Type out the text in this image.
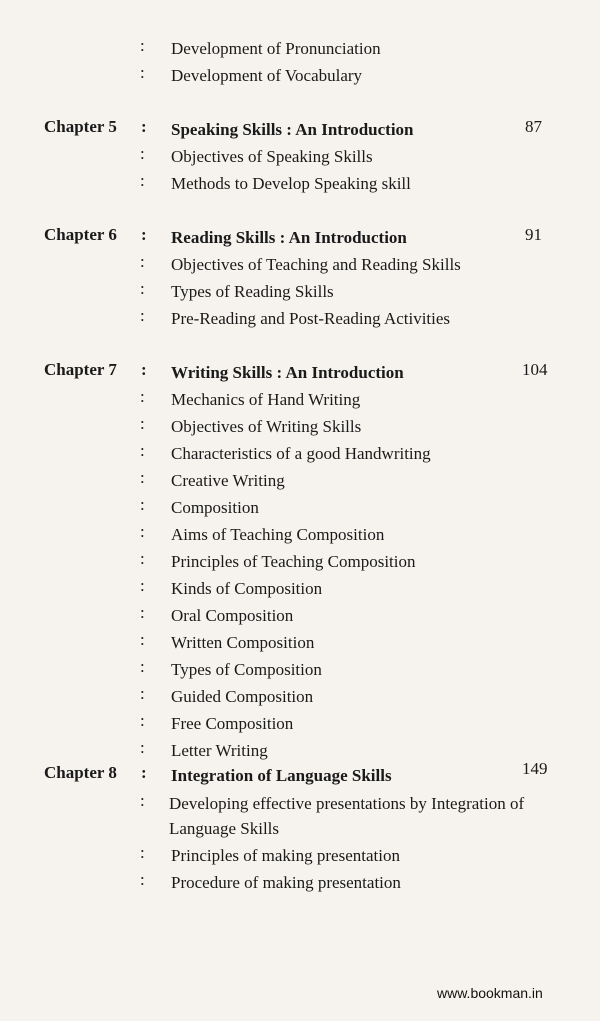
: Development of Pronunciation
: Development of Vocabulary
Chapter 5 : Speaking Skills : An Introduction	87
: Objectives of Speaking Skills
: Methods to Develop Speaking skill
Chapter 6 : Reading Skills : An Introduction	91
: Objectives of Teaching and Reading Skills
: Types of Reading Skills
: Pre-Reading and Post-Reading Activities
Chapter 7 : Writing Skills : An Introduction	104
: Mechanics of Hand Writing
: Objectives of Writing Skills
: Characteristics of a good Handwriting
: Creative Writing
: Composition
: Aims of Teaching Composition
: Principles of Teaching Composition
: Kinds of Composition
: Oral Composition
: Written Composition
: Types of Composition
: Guided Composition
: Free Composition
: Letter Writing
Chapter 8 : Integration of Language Skills	149
: Developing effective presentations by Integration of Language Skills
: Principles of making presentation
: Procedure of making presentation
www.bookman.in
